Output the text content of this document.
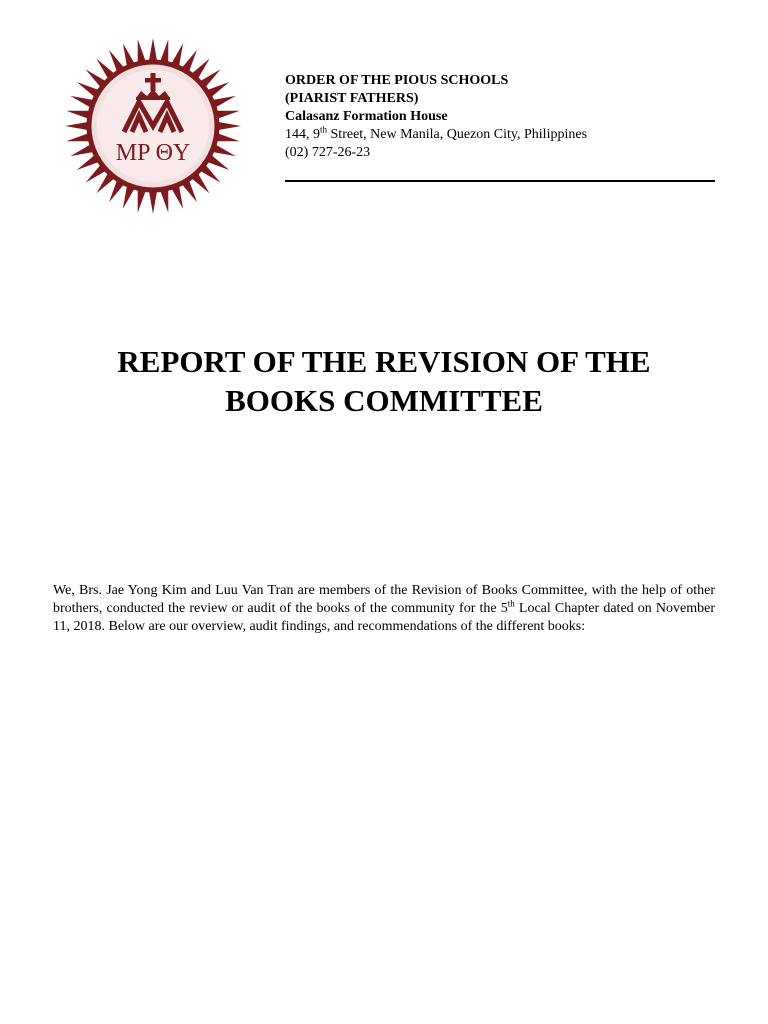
MP ΘY
ORDER OF THE PIOUS SCHOOLS
(PIARIST FATHERS)
Calasanz Formation House
144, 9th Street, New Manila, Quezon City, Philippines
(02) 727-26-23
REPORT OF THE REVISION OF THE
BOOKS COMMITTEE

We, Brs. Jae Yong Kim and Luu Van Tran are members of the Revision of Books Committee, with the help of other brothers, conducted the review or audit of the books of the community for the 5th Local Chapter dated on November 11, 2018. Below are our overview, audit findings, and recommendations of the different books:
